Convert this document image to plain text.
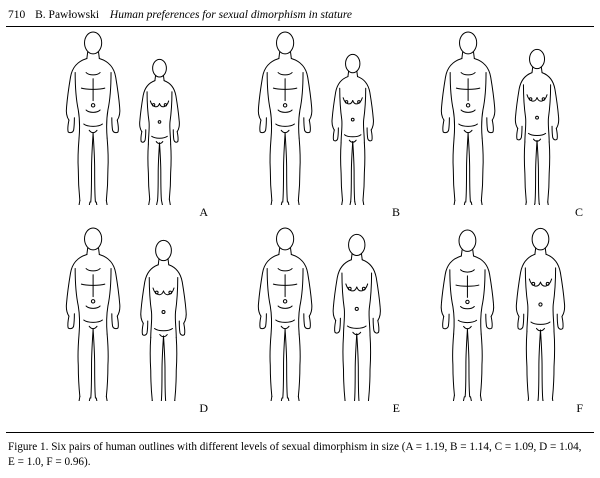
710 B. Pawłowski Human preferences for sexual dimorphism in stature
A	B	C
D	E	F
Figure 1. Six pairs of human outlines with different levels of sexual dimorphism in size (A = 1.19, B = 1.14, C = 1.09, D = 1.04, E = 1.0, F = 0.96).
